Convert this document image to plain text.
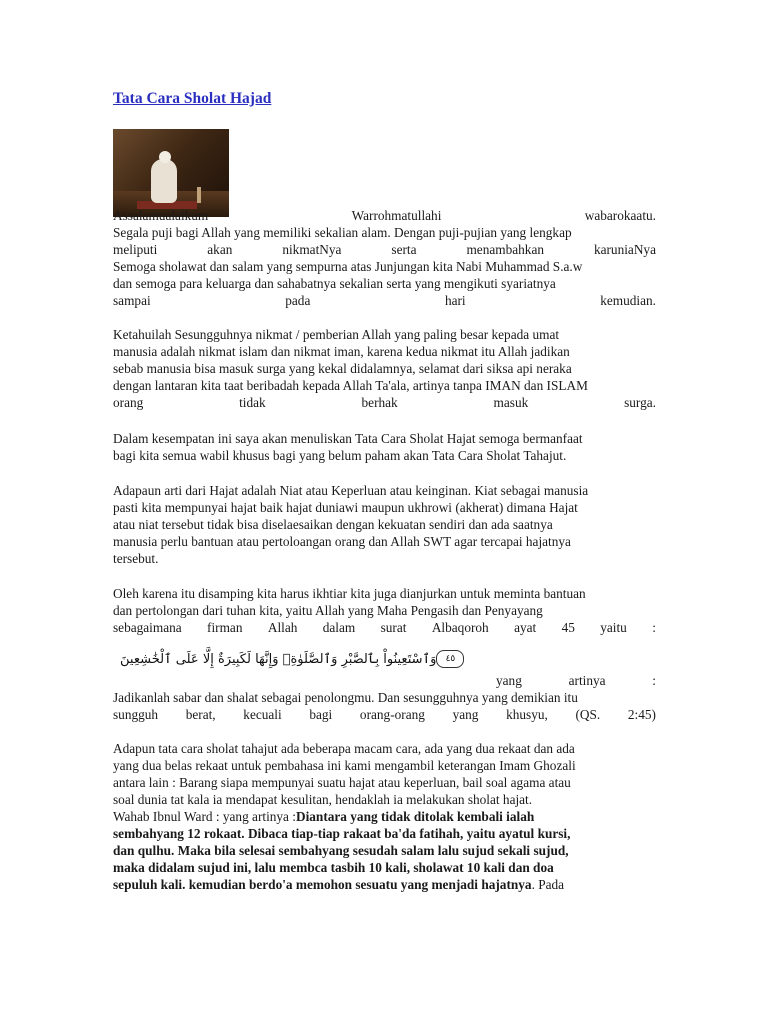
Tata Cara Sholat Hajad
Assalamualaikum	Warrohmatullahi	wabarokaatu.
Segala puji bagi Allah yang memiliki sekalian alam. Dengan puji-pujian yang lengkap
meliputi	akan	nikmatNya	serta	menambahkan	karuniaNya
Semoga sholawat dan salam yang sempurna atas Junjungan kita Nabi Muhammad S.a.w
dan semoga para keluarga dan sahabatnya sekalian serta yang mengikuti syariatnya
sampai	pada	hari	kemudian.
Ketahuilah Sesungguhnya nikmat / pemberian Allah yang paling besar kepada umat
manusia adalah nikmat islam dan nikmat iman, karena kedua nikmat itu Allah jadikan
sebab manusia bisa masuk surga yang kekal didalamnya, selamat dari siksa api neraka
dengan lantaran kita taat beribadah kepada Allah Ta'ala, artinya tanpa IMAN dan ISLAM
orang	tidak	berhak	masuk	surga.
Dalam kesempatan ini saya akan menuliskan Tata Cara Sholat Hajat semoga bermanfaat
bagi kita semua wabil khusus bagi yang belum paham akan Tata Cara Sholat Tahajut.
Adapaun arti dari Hajat adalah Niat atau Keperluan atau keinginan. Kiat sebagai manusia
pasti kita mempunyai hajat baik hajat duniawi maupun ukhrowi (akherat) dimana Hajat
atau niat tersebut tidak bisa diselaesaikan dengan kekuatan sendiri dan ada saatnya
manusia perlu bantuan atau pertoloangan orang dan Allah SWT agar tercapai hajatnya
tersebut.
Oleh karena itu disamping kita harus ikhtiar kita juga dianjurkan untuk meminta bantuan
dan pertolongan dari tuhan kita, yaitu Allah yang Maha Pengasih dan Penyayang
sebagaimana firman Allah dalam surat Albaqoroh ayat 45 yaitu :
yang	artinya	:
Jadikanlah sabar dan shalat sebagai penolongmu. Dan sesungguhnya yang demikian itu
sungguh berat, kecuali bagi orang-orang yang khusyu, (QS. 2:45)
Adapun tata cara sholat tahajut ada beberapa macam cara, ada yang dua rekaat dan ada
yang dua belas rekaat untuk pembahasa ini kami mengambil keterangan Imam Ghozali
antara lain : Barang siapa mempunyai suatu hajat atau keperluan, bail soal agama atau
soal dunia tat kala ia mendapat kesulitan, hendaklah ia melakukan sholat hajat.
Wahab Ibnul Ward : yang artinya : Diantara yang tidak ditolak kembali ialah
sembahyang 12 rokaat. Dibaca tiap-tiap rakaat ba'da fatihah, yaitu ayatul kursi,
dan qulhu. Maka bila selesai sembahyang sesudah salam lalu sujud sekali sujud,
maka didalam sujud ini, lalu membca tasbih 10 kali, sholawat 10 kali dan doa
sepuluh kali. kemudian berdo'a memohon sesuatu yang menjadi hajatnya . Pada
٤٥
وَٱسْتَعِينُواْ بِٱلصَّبْرِ وَٱلصَّلَوٰةِۚ وَإِنَّهَا لَكَبِيرَةٌ إِلَّا عَلَى ٱلْخَٰشِعِينَ
